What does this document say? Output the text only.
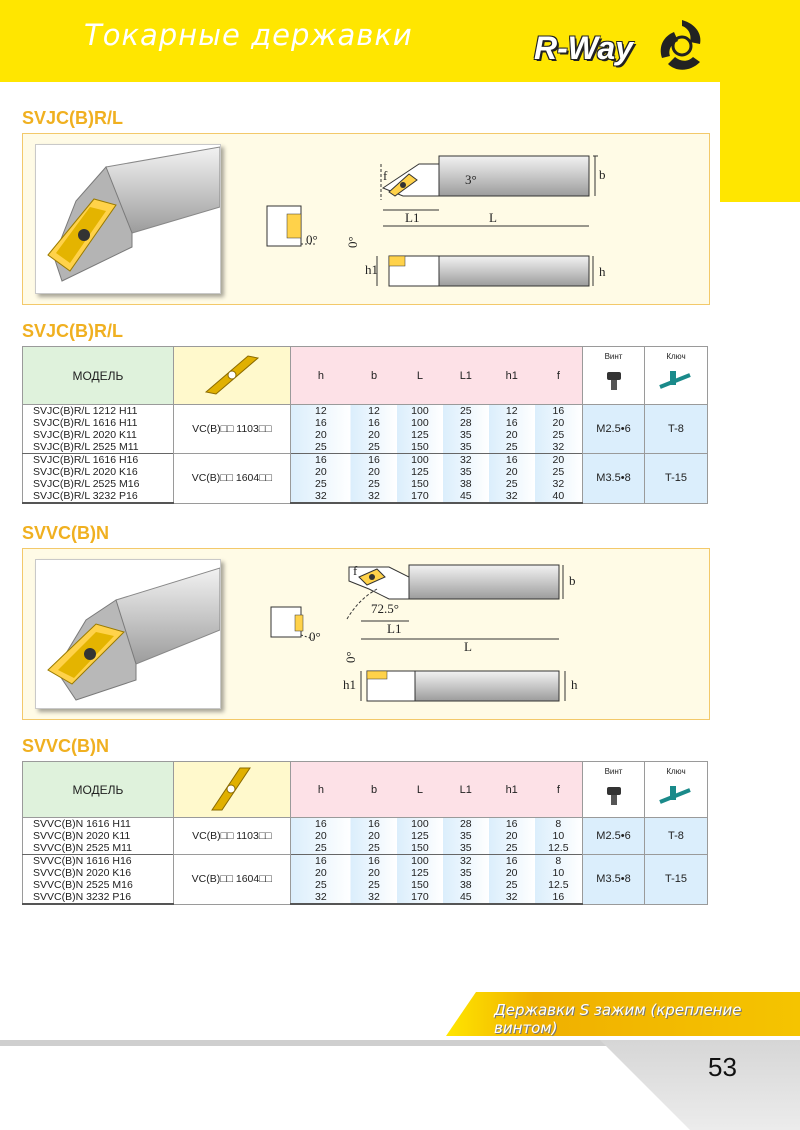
Токарные державки	R-Way
SVJC(B)R/L
0°
b
f	3°
L1	L
0°
h1	h
SVJC(B)R/L
МОДЕЛЬ		h	b	L	L1	h1	f	Винт	Ключ

SVJC(B)R/L 1212 H11	VC(B)□□ 1103□□	12	12	100	25	12	16	M2.5•6	T-8
SVJC(B)R/L 1616 H11		16	16	100	28	16	20		
SVJC(B)R/L 2020 K11		20	20	125	35	20	25		
SVJC(B)R/L 2525 M11		25	25	150	35	25	32		
SVJC(B)R/L 1616 H16	VC(B)□□ 1604□□	16	16	100	32	16	20	M3.5•8	T-15
SVJC(B)R/L 2020 K16		20	20	125	35	20	25		
SVJC(B)R/L 2525 M16		25	25	150	38	25	32		
SVJC(B)R/L 3232 P16		32	32	170	45	32	40		
SVVC(B)N
0°
b
f
72.5°
L1
L
0°
h1	h
SVVC(B)N
МОДЕЛЬ		h	b	L	L1	h1	f	Винт	Ключ

SVVC(B)N 1616 H11	VC(B)□□ 1103□□	16	16	100	28	16	8	M2.5•6	T-8
SVVC(B)N 2020 K11		20	20	125	35	20	10		
SVVC(B)N 2525 M11		25	25	150	35	25	12.5		
SVVC(B)N 1616 H16	VC(B)□□ 1604□□	16	16	100	32	16	8	M3.5•8	T-15
SVVC(B)N 2020 K16		20	20	125	35	20	10		
SVVC(B)N 2525 M16		25	25	150	38	25	12.5		
SVVC(B)N 3232 P16		32	32	170	45	32	16		
Державки S зажим (крепление винтом)
53
